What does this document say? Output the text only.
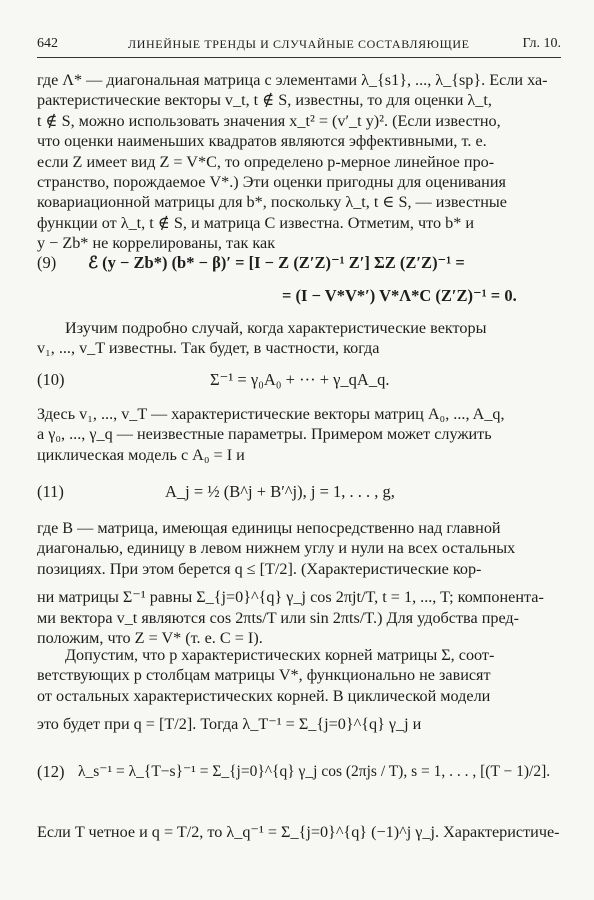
642	ЛИНЕЙНЫЕ ТРЕНДЫ И СЛУЧАЙНЫЕ СОСТАВЛЯЮЩИЕ	Гл. 10.
где Λ* — диагональная матрица с элементами λ_{s1}, ..., λ_{sp}. Если ха-
рактеристические векторы v_t, t ∉ S, известны, то для оценки λ_t,
t ∉ S, можно использовать значения x_t² = (v′_t y)². (Если известно,
что оценки наименьших квадратов являются эффективными, т. е.
если Z имеет вид Z = V*C, то определено p-мерное линейное про-
странство, порождаемое V*.) Эти оценки пригодны для оценивания
ковариационной матрицы для b*, поскольку λ_t, t ∈ S, — известные
функции от λ_t, t ∉ S, и матрица C известна. Отметим, что b* и
y − Zb* не коррелированы, так как
(9) ℰ (y − Zb*) (b* − β)′ = [I − Z (Z′Z)⁻¹ Z′] ΣZ (Z′Z)⁻¹ =
= (I − V*V*′) V*Λ*C (Z′Z)⁻¹ = 0.
Изучим подробно случай, когда характеристические векторы
v₁, ..., v_T известны. Так будет, в частности, когда
(10)	Σ⁻¹ = γ₀A₀ + ··· + γ_qA_q.
Здесь v₁, ..., v_T — характеристические векторы матриц A₀, ..., A_q,
а γ₀, ..., γ_q — неизвестные параметры. Примером может служить
циклическая модель с A₀ = I и
(11)	A_j = ½ (B^j + B′^j), j = 1, . . . , g,
где B — матрица, имеющая единицы непосредственно над главной
диагональю, единицу в левом нижнем углу и нули на всех остальных
позициях. При этом берется q ≤ [T/2]. (Характеристические кор-
ни матрицы Σ⁻¹ равны Σ_{j=0}^{q} γ_j cos 2πjt/T, t = 1, ..., T; компонента-
ми вектора v_t являются cos 2πts/T или sin 2πts/T.) Для удобства пред-
положим, что Z = V* (т. е. C = I).
Допустим, что p характеристических корней матрицы Σ, соот-
ветствующих p столбцам матрицы V*, функционально не зависят
от остальных характеристических корней. В циклической модели
это будет при q = [T/2]. Тогда λ_T⁻¹ = Σ_{j=0}^{q} γ_j и
(12) λ_s⁻¹ = λ_{T−s}⁻¹ = Σ_{j=0}^{q} γ_j cos (2πjs / T), s = 1, . . . , [(T − 1)/2].
Если T четное и q = T/2, то λ_q⁻¹ = Σ_{j=0}^{q} (−1)^j γ_j. Характеристиче-
